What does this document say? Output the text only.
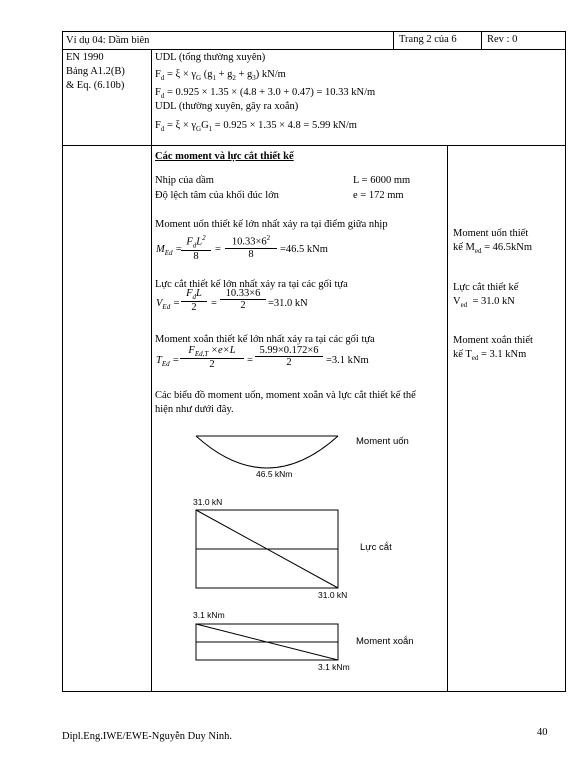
Ví dụ 04: Dầm biên	Trang 2 của 6	Rev : 0
EN 1990
Bảng A1.2(B)
& Eq. (6.10b)
UDL (tổng thường xuyên)
$F_d = \xi \times \gamma_G$ $(g_1 + g_2 + g_3)$ kN/m
$F_d = 0.925 \times 1.35 \times (4.8 + 3.0 + 0.47) = 10.33$ kN/m
UDL (thường xuyên, gây ra xoắn)
$F_d = \xi \times \gamma_GG_1 = 0.925 \times 1.35 \times 4.8 = 5.99$ kN/m
Các moment và lực cắt thiết kế
Nhịp của dầm	L = 6000 mm
Độ lệch tâm của khối đúc lớn	e = 172 mm
Moment uốn thiết kế lớn nhất xảy ra tại điểm giữa nhịp
$M_{Ed}$ =
$F_dL^2$
8
= $\frac{10.33\times 6^2}{8} =46.5$ kNm
Lực cắt thiết kế lớn nhất xảy ra tại các gối tựa
$V_{Ed}$ =
$F_dL$
2	= $\frac{10.33\times 6}{2} =31.0$ kN
Moment xoắn thiết kế lớn nhất xảy ra tại các gối tựa
$T_{Ed}$ =
$F_{Ed,T} \times e\times L$
2	= $\frac{5.99\times 0.172\times 6}{2} =3.1$ kNm
Các biểu đồ moment uốn, moment xoắn và lực cắt thiết kế thể
hiện như dưới đây.
Moment uốn
46.5 kNm
31.0 kN
Lực cắt
31.0 kN
3.1 kNm
Moment xoắn
3.1 kNm
Moment uốn thiết
kế $M_{ed} = 46.5kNm$
Lực cắt thiết kế
$V_{ed} = 31.0$ kN
Moment xoắn thiết
kế $T_{ed} = 3.1$ kNm
Dipl.Eng.IWE/EWE-Nguyễn Duy Ninh.	40
